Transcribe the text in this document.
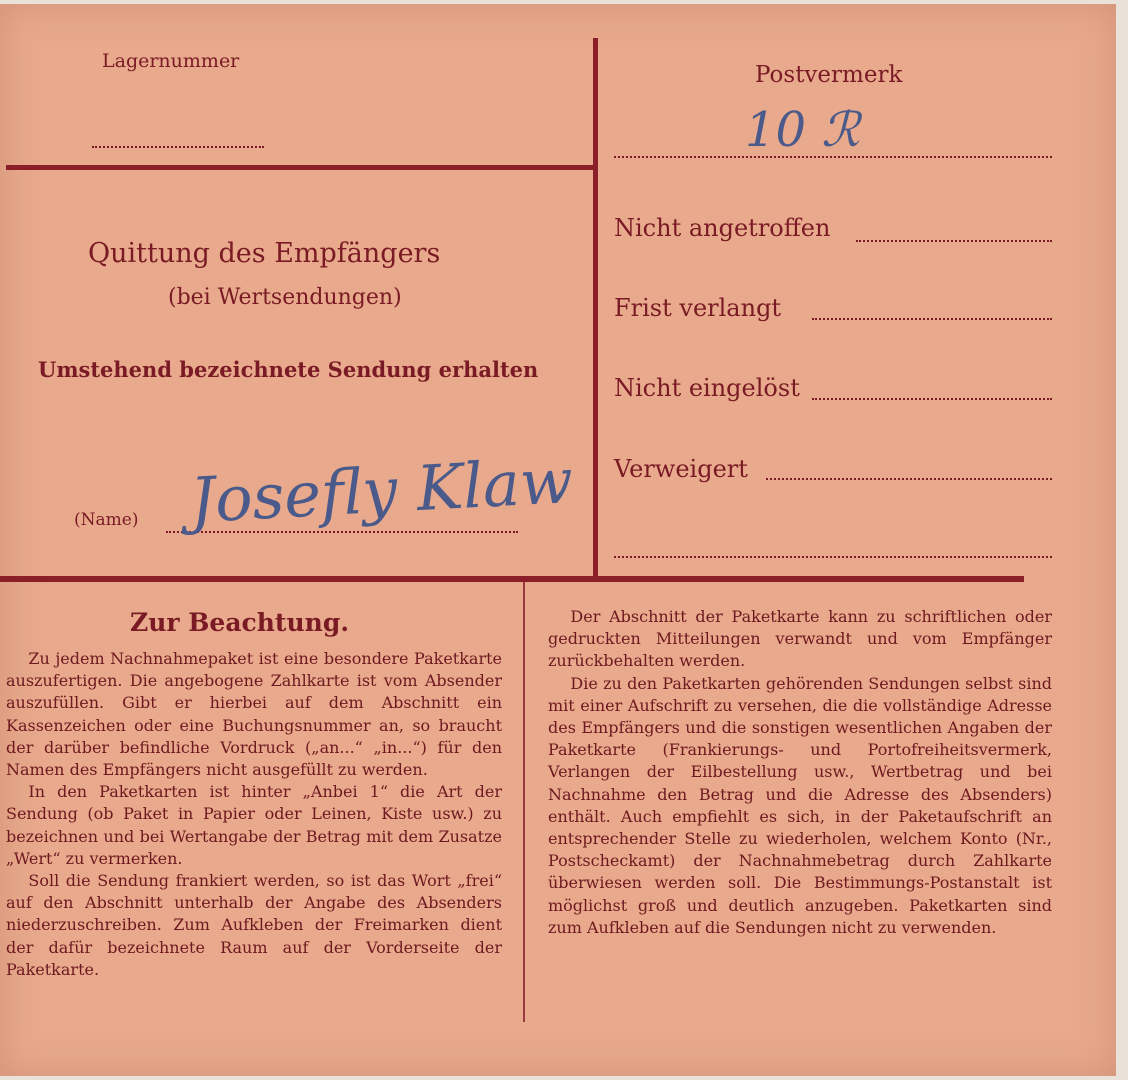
Lagernummer
Quittung des Empfängers
(bei Wertsendungen)
Umstehend bezeichnete Sendung erhalten
(Name) Josefly Klaw
Postvermerk
10 ℛ
Nicht angetroffen
Frist verlangt
Nicht eingelöst
Verweigert
Zur Beachtung.

Zu jedem Nachnahmepaket ist eine besondere Paketkarte auszufertigen. Die angebogene Zahlkarte ist vom Absender auszufüllen. Gibt er hierbei auf dem Abschnitt ein Kassenzeichen oder eine Buchungsnummer an, so braucht der darüber befindliche Vordruck („an...“ „in...“) für den Namen des Empfängers nicht ausgefüllt zu werden.

In den Paketkarten ist hinter „Anbei 1“ die Art der Sendung (ob Paket in Papier oder Leinen, Kiste usw.) zu bezeichnen und bei Wertangabe der Betrag mit dem Zusatze „Wert“ zu vermerken.

Soll die Sendung frankiert werden, so ist das Wort „frei“ auf den Abschnitt unterhalb der Angabe des Absenders niederzuschreiben. Zum Aufkleben der Freimarken dient der dafür bezeichnete Raum auf der Vorderseite der Paketkarte.

Der Abschnitt der Paketkarte kann zu schriftlichen oder gedruckten Mitteilungen verwandt und vom Empfänger zurückbehalten werden.

Die zu den Paketkarten gehörenden Sendungen selbst sind mit einer Aufschrift zu versehen, die die vollständige Adresse des Empfängers und die sonstigen wesentlichen Angaben der Paketkarte (Frankierungs- und Portofreiheitsvermerk, Verlangen der Eilbestellung usw., Wertbetrag und bei Nachnahme den Betrag und die Adresse des Absenders) enthält. Auch empfiehlt es sich, in der Paketaufschrift an entsprechender Stelle zu wiederholen, welchem Konto (Nr., Postscheckamt) der Nachnahmebetrag durch Zahlkarte überwiesen werden soll. Die Bestimmungs-Postanstalt ist möglichst groß und deutlich anzugeben. Paketkarten sind zum Aufkleben auf die Sendungen nicht zu verwenden.
